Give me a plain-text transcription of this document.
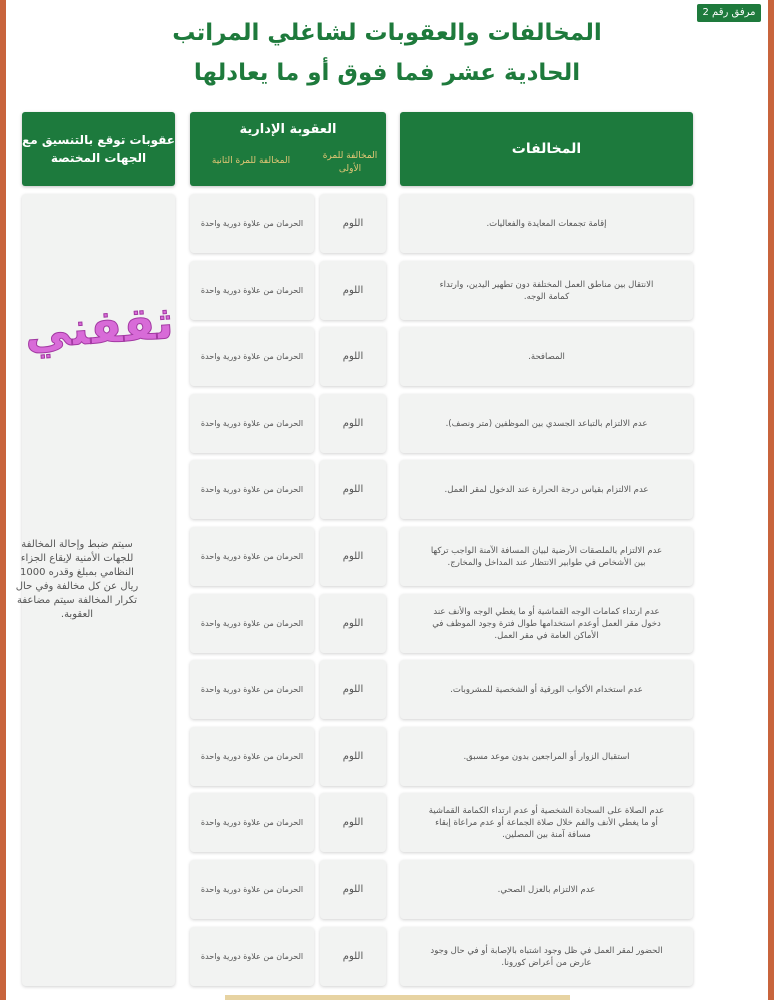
مرفق رقم 2
المخالفات والعقوبات لشاغلي المراتب
الحادية عشر فما فوق أو ما يعادلها
المخالفات
العقوبة الإدارية
المخالفة للمرة الأولى
المخالفة للمرة الثانية
عقوبات توقع بالتنسيق مع الجهات المختصة
سيتم ضبط وإحالة المخالفة للجهات الأمنية لإيقاع الجزاء النظامي بمبلغ وقدره 1000 ريال عن كل مخالفة وفي حال تكرار المخالفة سيتم مضاعفة العقوبة.
ثقفني
إقامة تجمعات المعايدة والفعاليات.
اللوم
الحرمان من علاوة دورية واحدة
الانتقال بين مناطق العمل المختلفة دون تطهير اليدين، وارتداء كمامة الوجه.
اللوم
الحرمان من علاوة دورية واحدة
المصافحة.
اللوم
الحرمان من علاوة دورية واحدة
عدم الالتزام بالتباعد الجسدي بين الموظفين (متر ونصف).
اللوم
الحرمان من علاوة دورية واحدة
عدم الالتزام بقياس درجة الحرارة عند الدخول لمقر العمل.
اللوم
الحرمان من علاوة دورية واحدة
عدم الالتزام بالملصقات الأرضية لبيان المسافة الآمنة الواجب تركها بين الأشخاص في طوابير الانتظار عند المداخل والمخارج.
اللوم
الحرمان من علاوة دورية واحدة
عدم ارتداء كمامات الوجه القماشية أو ما يغطي الوجه والأنف عند دخول مقر العمل أوعدم استخدامها طوال فترة وجود الموظف في الأماكن العامة في مقر العمل.
اللوم
الحرمان من علاوة دورية واحدة
عدم استخدام الأكواب الورقية أو الشخصية للمشروبات.
اللوم
الحرمان من علاوة دورية واحدة
استقبال الزوار أو المراجعين بدون موعد مسبق.
اللوم
الحرمان من علاوة دورية واحدة
عدم الصلاة على السجادة الشخصية أو عدم ارتداء الكمامة القماشية أو ما يغطي الأنف والفم خلال صلاة الجماعة أو عدم مراعاة إبقاء مسافة آمنة بين المصلين.
اللوم
الحرمان من علاوة دورية واحدة
عدم الالتزام بالعزل الصحي.
اللوم
الحرمان من علاوة دورية واحدة
الحضور لمقر العمل في ظل وجود اشتباه بالإصابة أو في حال وجود عارض من أعراض كورونا.
اللوم
الحرمان من علاوة دورية واحدة
